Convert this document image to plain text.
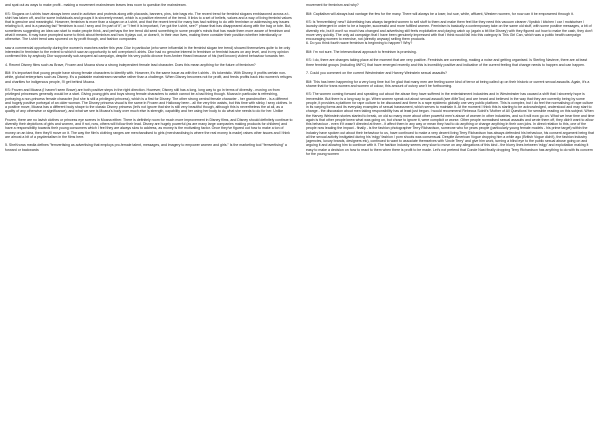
and spat out as ways to make profit - making a movement mainstream leaves less room to question the mainstream.

KS: Slogans on t-shirts have always been used in activism and protests along with placards, banners, pins, tote bags etc. The recent trend for feminist slogans emblazoned across a t-shirt has taken off, and for some individuals and groups it is sincerely meant, which is a positive element of the trend. It links to a set of beliefs, values and a way of living feminist values that is genuine and meaningful. However, feminism is more than a slogan on a t-shirt, and that the recent trend for many has had nothing to do with feminism or addressing any issues relating to it, and is a passing fad "feminism is cool / sexy and I'm part of it", or "I feel it is important, I've got the t-shirt, see?" phase that has disappeared along with the bag or tote. But, sometimes suggesting an idea can start to make people think, and perhaps the tee trend did seed something in some people's minds that has made them more aware of feminism and what it means. It may have prompted some to think about feminism and how it plays out, or doesn't, in their own lives, making them consider their position whether intentionally or otherwise. The t-shirt trend was spurned on by profit though, and fashion companies

saw a commercial opportunity during the women's marches earlier this year. Dior in particular (who were influential in the feminist slogan tee trend) showed themselves quite to be only interested in feminism to the extent to which it saw an opportunity to sell overpriced t-shirts. Dior had no genuine interest in feminism or feminist issues on any level, and in my opinion confirmed this by anybody Dior supposedly sub-sequent ad campaign, despite his very public divorce from Amber Heard because of his (well known) violent behaviour towards her.

4. Recent Disney films such as Brave, Frozen and Moana show a strong independent female lead character. Does this mean anything for the future of feminism?

BM: It's important that young people have strong female characters to identify with. However, it's the same issue as with the t-shirts - it's tokenistic. With Disney, it profits certain non-white, global enterprises such as Disney. It's a palatable mainstream narrative rather than a challenge. When Disney becomes not for profit, and feeds profits back into women's refuges and charities for indigenous people, I'll get behind Moana.

KS: Frozen and Moana (I haven't seen Brave) are both positive steps in the right direction. However, Disney still has a long, long way to go in terms of diversity - moving on from privileged princesses generally would be a start. Giving young girls and boys strong female characters to watch cannot be a bad thing though. Moana in particular is refreshing, portraying a non-princess female character (but she is still a privileged princess), which is a first for Disney. The other strong central female character - her grandmother - is a different and hugely positive portrayal of an older woman. The Disney princess visual is the same in Frozen and Halloway been - all the very thin waists, but this time with slinky / sexy clothes. In a positive move, Moana has a different body shape to the classic Disney princess (let's not ignore that she is still very beautiful though, although this is nevertheless the at all, as a quality of any otherwise or significance), and what we see is Moana's body over much else is strength, capability and her using her body to do what she needs to do for her. Unlike

Frozen, there are no lavish clothes or princess eye scenes in Moana either. There is definitely room for much more improvement in Disney films, and Disney should definitely continue to diversify their depictions of girls and women, and if not, now, others will follow their lead. Disney are hugely powerful (as are many large companies making products for children) and have a responsibility towards their young consumers which I feel they are always slow to address, as money is the motivating factor. Once they've figured out how to make a ton of money on an idea, then they'll move on it. The way the film's clothing ranges are merchandised to girls (merchandising is where the real money is made) raises other issues and I think are almost a bit of a psydentalism in the films here.

5. SheKnows media defines "femvertising as advertising that employs pro-female talent, messages, and imagery to empower women and girls." Is the marketing tool "femvertising" a forward or backwards

movement for feminism and why?

BM: Capitalism will always bad vantage the few for the many. There will always be a loser, but sue, white, affluent, Western women, for now can it be empowered through it.

KS: Is 'femvertising' new? Advertising has always targeted women to sell stuff to them and make them feel like they need this vacuum cleaner / lipstick / kitchen / car / moisturiser / laundry detergent in order to be a happier, successful and more fulfilled women. Feminism is basically a contemporary take on the same old stuff, with some positive messages, a bit of diversity etc, but it won't so much has changed and advertising still feels exploitative and playing catch up (again a bit like Disney) with they figured out how to make the cash, they don't move very quickly. The only ad campaign that I have been genuinely impressed with that I think would fall into this category is This Girl Can, which was a public health campaign encouraging women to exercise, not (directly anyway) selling them products.
6. Do you think fourth wave feminism is beginning to happen? Why?

BM: I'm not sure. The intersectional approach to feminism is promising.

KS: I do, there are changes taking place at the moment that are very positive. Feminists are connecting, making a noise and getting organised. Is Sterling Navieve, there are at least three feminist groups (including IWFC) that have emerged recently and this is incredibly positive and indicative of the current feeling that change needs to happen and can happen.

7. Could you comment on the current Westminster and Harvey Weinstein sexual assaults?

BM: This has been happening for a very long time but I'm glad that many men are feeling some kind of terror at being called up on their historic or current sexual assaults. Again, it's a shame that for trans women and women of colour, this amount of outcry won't be forthcoming.

KS: The women coming forward and speaking out about the abuse they have suffered in the entertainment industries and in Westminster has caused a shift that I sincerely hope is irreversible. But there is a long way to go. When women speak out about sexual assault (see #MeToo) and are heard and believed in the way that they are currently being by some people, it provides a platform for rape culture to be discussed and there is a rape epidemic globally one very public platform. This is complex, but I do feel the normalising of rape culture in its varying forms and its everyday examples of sexual harassment, which serves to maintain it. At the moment I think this is starting to be acknowledged, understood and may start to change - the discussion about men taking responsibility has at least just begun. I would recommend Rebecca Solnit's 'Mother of All Questions' for sensible reading on this subject. When the Harvey Weinstein stories started to break, on old so many more about other powerful men's abuse of women in other industries, and so it will now go on. What we hear time and time again is that other people knew what was going on, but chose to ignore it, were complicit or worse. Other people normalised sexual assaults and wrote them off, they didn't want to allow this behaviour - even if it wasn't directed at them - it affect them in any way or mean they had to do anything or change anything in their own jobs. In direct relation to this, one of the people now leading the impact - finally - is the fashion photographer Terry Richardson, someone who for years people (particularly young female models - his prime target) within the industry have spoken out about their behaviour to us, have continued to make a very decent living Terry Richardson has always defended his behaviour, his consent argument being that all the sexual activity instigated during his 'edgy' fashion / porn shoots was consensual. Despite American Vogue dropping him a while ago (British Vogue didn't), the fashion industry (agencies, luxury brands, designers etc), continued to want to associate themselves with 'Uncle Terry' and give him work, turning a blind eye to the public sexual abuse going on and arguing it and allowing him to continue with it. The fashion industry seems very slow to move on any allegations of this kind - the blurry lines between 'edgy' and exploitation making it easy to make a decision on how to react to them when there is profit to be made. Let's not pretend that Conde Nast finally dropping Terry Richardson has anything to do with its concern for the young women
